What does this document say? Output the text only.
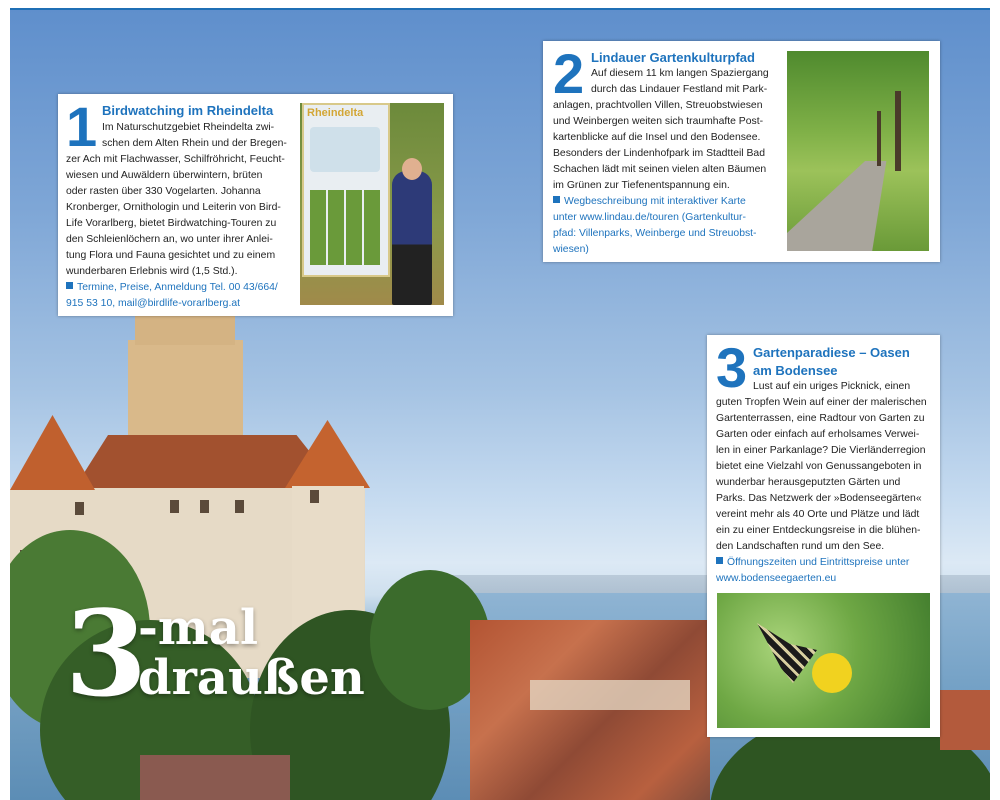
3
-mal
draußen
1 Birdwatching im Rheindelta
Im Naturschutzgebiet Rheindelta zwi-
schen dem Alten Rhein und der Bregen-
zer Ach mit Flachwasser, Schilfröhricht, Feucht-
wiesen und Auwäldern überwintern, brüten
oder rasten über 330 Vogelarten. Johanna
Kronberger, Ornithologin und Leiterin von Bird-
Life Vorarlberg, bietet Birdwatching-Touren zu
den Schleienlöchern an, wo unter ihrer Anlei-
tung Flora und Fauna gesichtet und zu einem
wunderbaren Erlebnis wird (1,5 Std.).
Termine, Preise, Anmeldung Tel. 00 43/664/
915 53 10, mail@birdlife-vorarlberg.at
Rheindelta
2 Lindauer Gartenkulturpfad
Auf diesem 11 km langen Spaziergang
durch das Lindauer Festland mit Park-
anlagen, prachtvollen Villen, Streuobstwiesen
und Weinbergen weiten sich traumhafte Post-
kartenblicke auf die Insel und den Bodensee.
Besonders der Lindenhofpark im Stadtteil Bad
Schachen lädt mit seinen vielen alten Bäumen
im Grünen zur Tiefenentspannung ein.
Wegbeschreibung mit interaktiver Karte
unter www.lindau.de/touren (Gartenkultur-
pfad: Villenparks, Weinberge und Streuobst-
wiesen)
3 Gartenparadiese – Oasen
am Bodensee
Lust auf ein uriges Picknick, einen
guten Tropfen Wein auf einer der malerischen
Gartenterrassen, eine Radtour von Garten zu
Garten oder einfach auf erholsames Verwei-
len in einer Parkanlage? Die Vierländerregion
bietet eine Vielzahl von Genussangeboten in
wunderbar herausgeputzten Gärten und
Parks. Das Netzwerk der »Bodenseegärten«
vereint mehr als 40 Orte und Plätze und lädt
ein zu einer Entdeckungsreise in die blühen-
den Landschaften rund um den See.
Öffnungszeiten und Eintrittspreise unter
www.bodenseegaerten.eu
